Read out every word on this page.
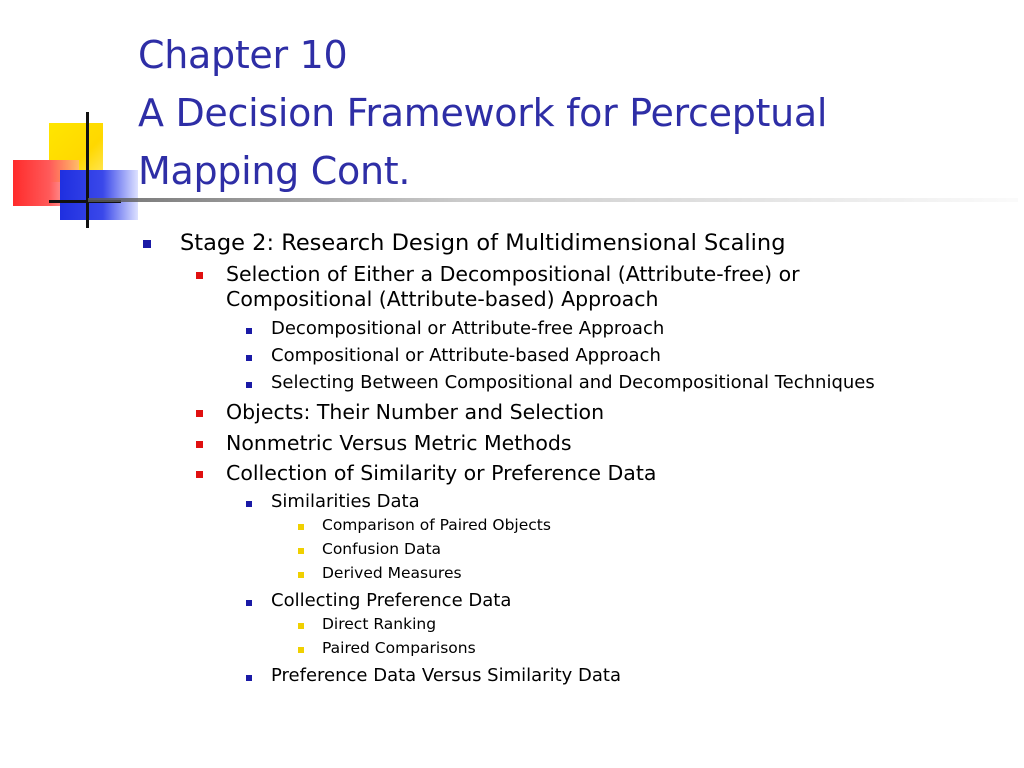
Chapter 10
A Decision Framework for Perceptual
Mapping Cont.
Stage 2: Research Design of Multidimensional Scaling
Selection of Either a Decompositional (Attribute-free) or
Compositional (Attribute-based) Approach
Decompositional or Attribute-free Approach
Compositional or Attribute-based Approach
Selecting Between Compositional and Decompositional Techniques
Objects: Their Number and Selection
Nonmetric Versus Metric Methods
Collection of Similarity or Preference Data
Similarities Data
Comparison of Paired Objects
Confusion Data
Derived Measures
Collecting Preference Data
Direct Ranking
Paired Comparisons
Preference Data Versus Similarity Data
